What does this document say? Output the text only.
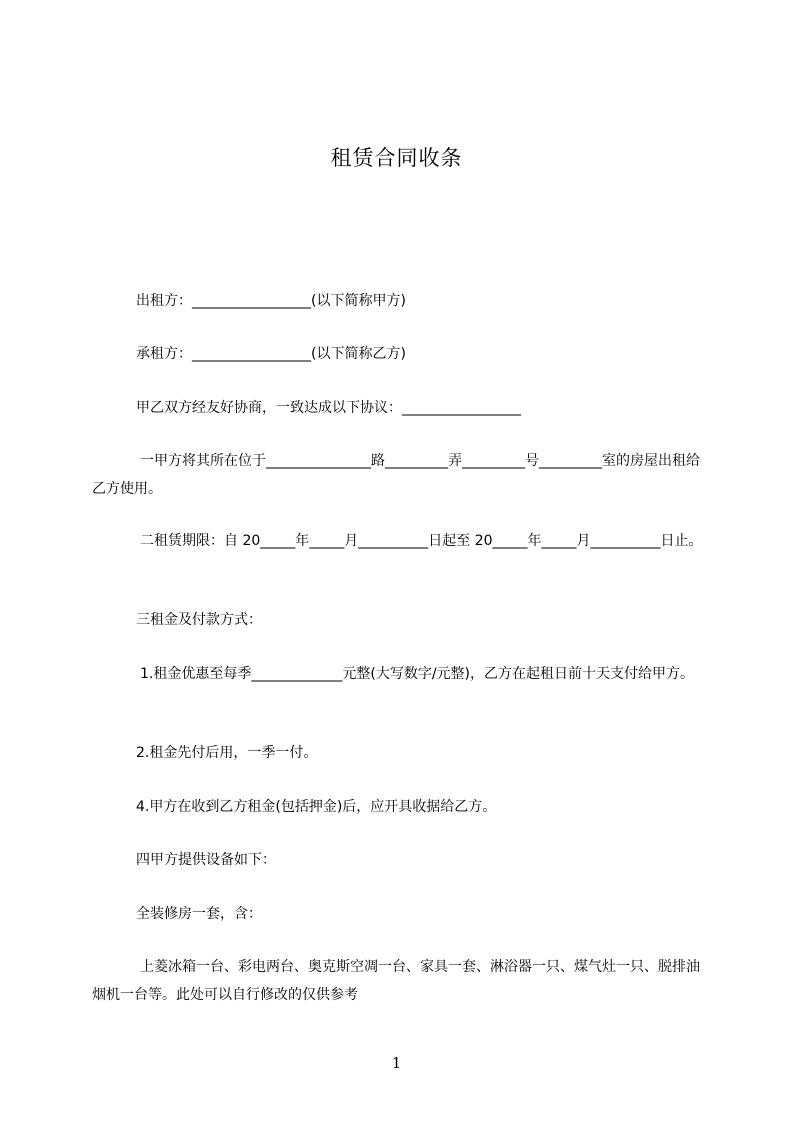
租赁合同收条

出租方：_________________(以下简称甲方)

承租方：_________________(以下简称乙方)

甲乙双方经友好协商，一致达成以下协议：_________________

一甲方将其所在位于_______________路_________弄_________号_________室的房屋出租给乙方使用。

二租赁期限：自 20_____年_____月__________日起至 20_____年_____月__________日止。

三租金及付款方式：

1.租金优惠至每季_____________元整(大写数字/元整)，乙方在起租日前十天支付给甲方。

2.租金先付后用，一季一付。

4.甲方在收到乙方租金(包括押金)后，应开具收据给乙方。

四甲方提供设备如下：

全装修房一套，含：

上菱冰箱一台、彩电两台、奥克斯空凋一台、家具一套、淋浴器一只、煤气灶一只、脱排油烟机一台等。此处可以自行修改的仅供参考

1
